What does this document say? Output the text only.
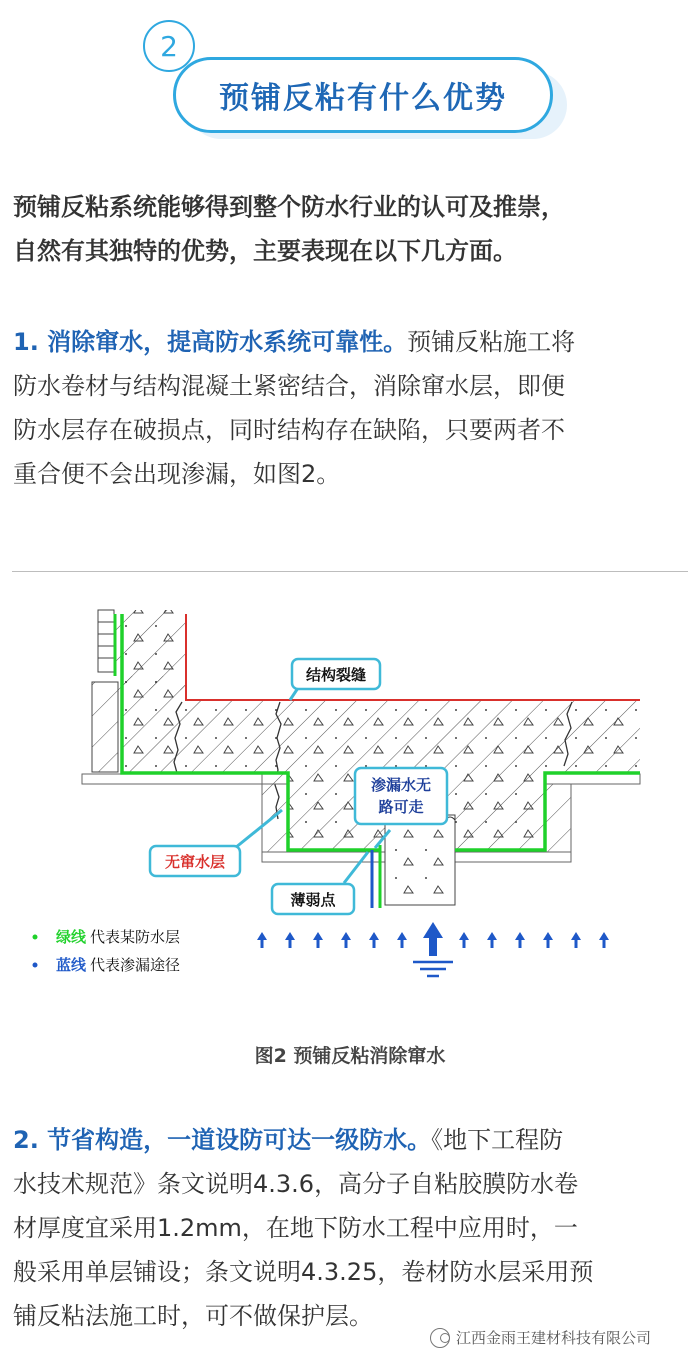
2
预铺反粘有什么优势
预铺反粘系统能够得到整个防水行业的认可及推崇，
自然有其独特的优势，主要表现在以下几方面。
1. 消除窜水，提高防水系统可靠性。预铺反粘施工将
防水卷材与结构混凝土紧密结合，消除窜水层，即便
防水层存在破损点，同时结构存在缺陷，只要两者不
重合便不会出现渗漏，如图2。
结构裂缝
渗漏水无
路可走
无窜水层
薄弱点
绿线 代表某防水层
蓝线 代表渗漏途径
图2 预铺反粘消除窜水
2. 节省构造，一道设防可达一级防水。《地下工程防
水技术规范》条文说明4.3.6，高分子自粘胶膜防水卷
材厚度宜采用1.2mm，在地下防水工程中应用时，一
般采用单层铺设；条文说明4.3.25，卷材防水层采用预
铺反粘法施工时，可不做保护层。
江西金雨王建材科技有限公司
